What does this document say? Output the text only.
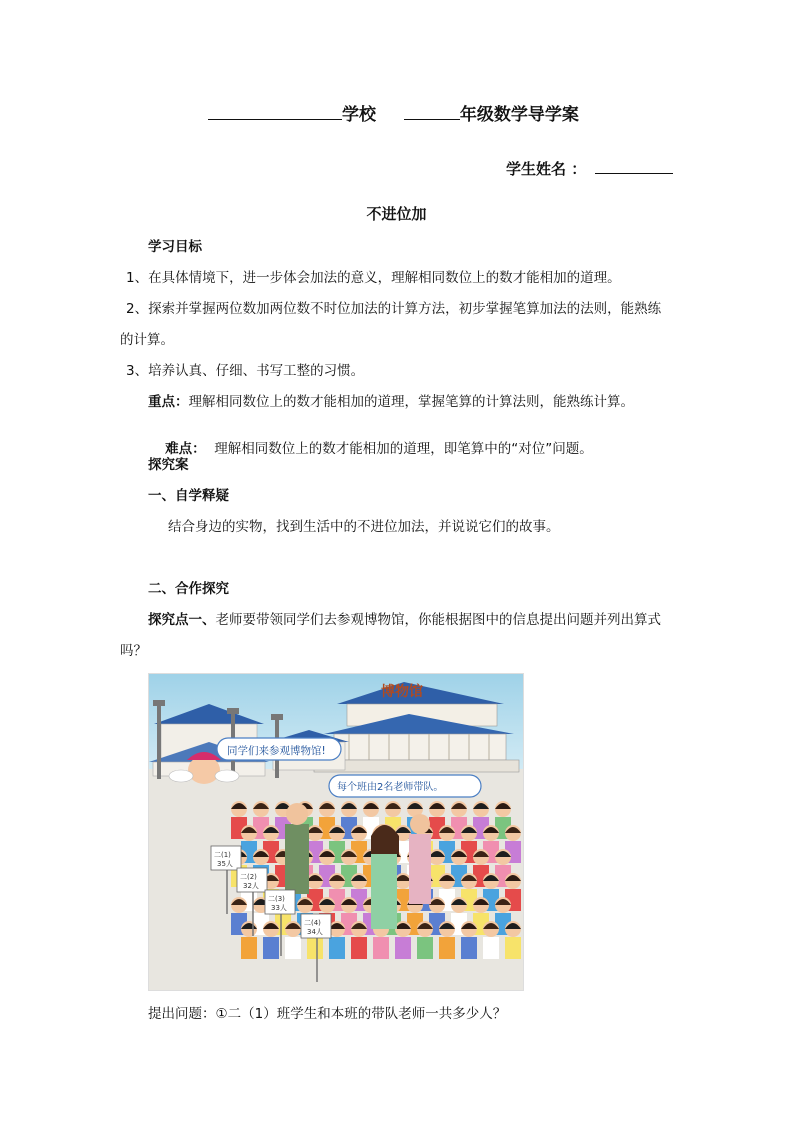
学校	年级数学导学案
学生姓名 ：
不进位加
学习目标
1、在具体情境下，进一步体会加法的意义，理解相同数位上的数才能相加的道理。
2、探索并掌握两位数加两位数不时位加法的计算方法，初步掌握笔算加法的法则，能熟练
的计算。
3、培养认真、仔细、书写工整的习惯。
重点：理解相同数位上的数才能相加的道理，掌握笔算的计算法则，能熟练计算。

难点：  理解相同数位上的数才能相加的道理，即笔算中的“对位”问题。

探究案
一、自学释疑
结合身边的实物，找到生活中的不进位加法，并说说它们的故事。
二、合作探究
探究点一、老师要带领同学们去参观博物馆，你能根据图中的信息提出问题并列出算式
吗？
博物馆
同学们来参观博物馆!
每个班由2名老师带队。
二(1)
35人
二(2)
32人
二(3)
33人
二(4)
34人
提出问题：①二（1）班学生和本班的带队老师一共多少人？
